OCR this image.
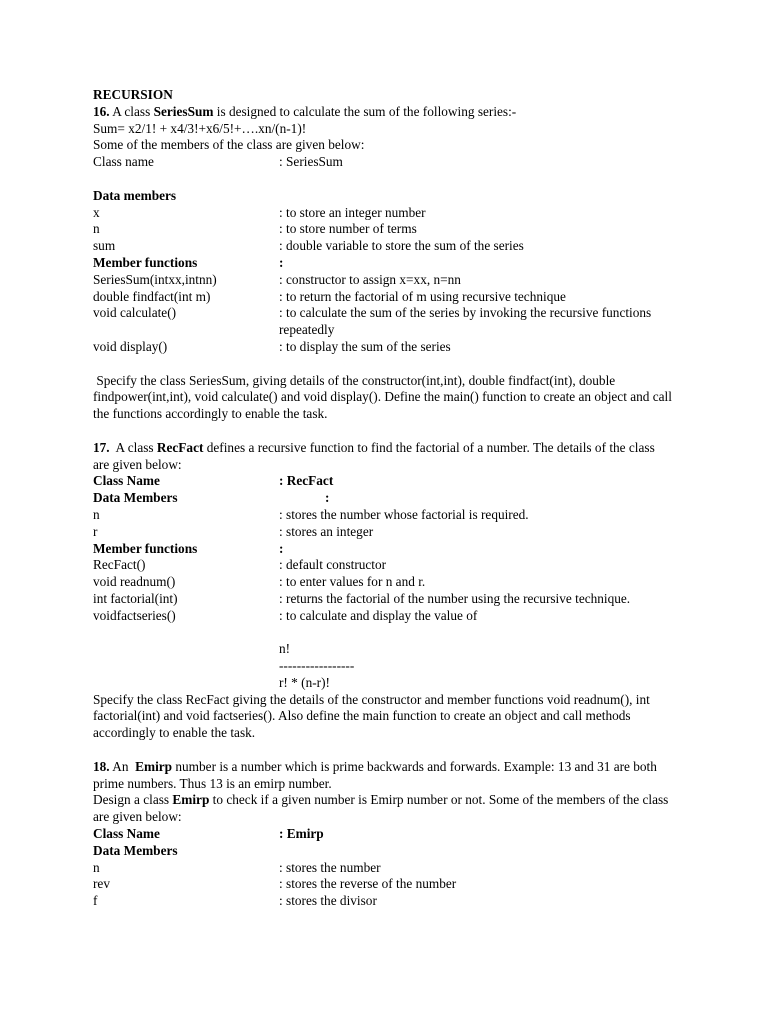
RECURSION
16. A class SeriesSum is designed to calculate the sum of the following series:-
Sum= x2/1! + x4/3!+x6/5!+….xn/(n-1)!
Some of the members of the class are given below:
Class name	: SeriesSum
Data members
x	: to store an integer number
n	: to store number of terms
sum	: double variable to store the sum of the series
Member functions	:
SeriesSum(intxx,intnn)	: constructor to assign x=xx, n=nn
double findfact(int m)	: to return the factorial of m using recursive technique
void calculate()	: to calculate the sum of the series by invoking the recursive functions repeatedly
void display()	: to display the sum of the series
Specify the class SeriesSum, giving details of the constructor(int,int), double findfact(int), double findpower(int,int), void calculate() and void display(). Define the main() function to create an object and call the functions accordingly to enable the task.
17.  A class RecFact defines a recursive function to find the factorial of a number. The details of the class are given below:
Class Name	: RecFact
Data Members	:
n	: stores the number whose factorial is required.
r	: stores an integer
Member functions	:
RecFact()	: default constructor
void readnum()	: to enter values for n and r.
int factorial(int)	: returns the factorial of the number using the recursive technique.
voidfactseries()	: to calculate and display the value of
n!
-----------------
r! * (n-r)!
Specify the class RecFact giving the details of the constructor and member functions void readnum(), int factorial(int) and void factseries(). Also define the main function to create an object and call methods accordingly to enable the task.
18. An  Emirp number is a number which is prime backwards and forwards. Example: 13 and 31 are both prime numbers. Thus 13 is an emirp number.
Design a class Emirp to check if a given number is Emirp number or not. Some of the members of the class are given below:
Class Name	: Emirp
Data Members
n	: stores the number
rev	: stores the reverse of the number
f	: stores the divisor
